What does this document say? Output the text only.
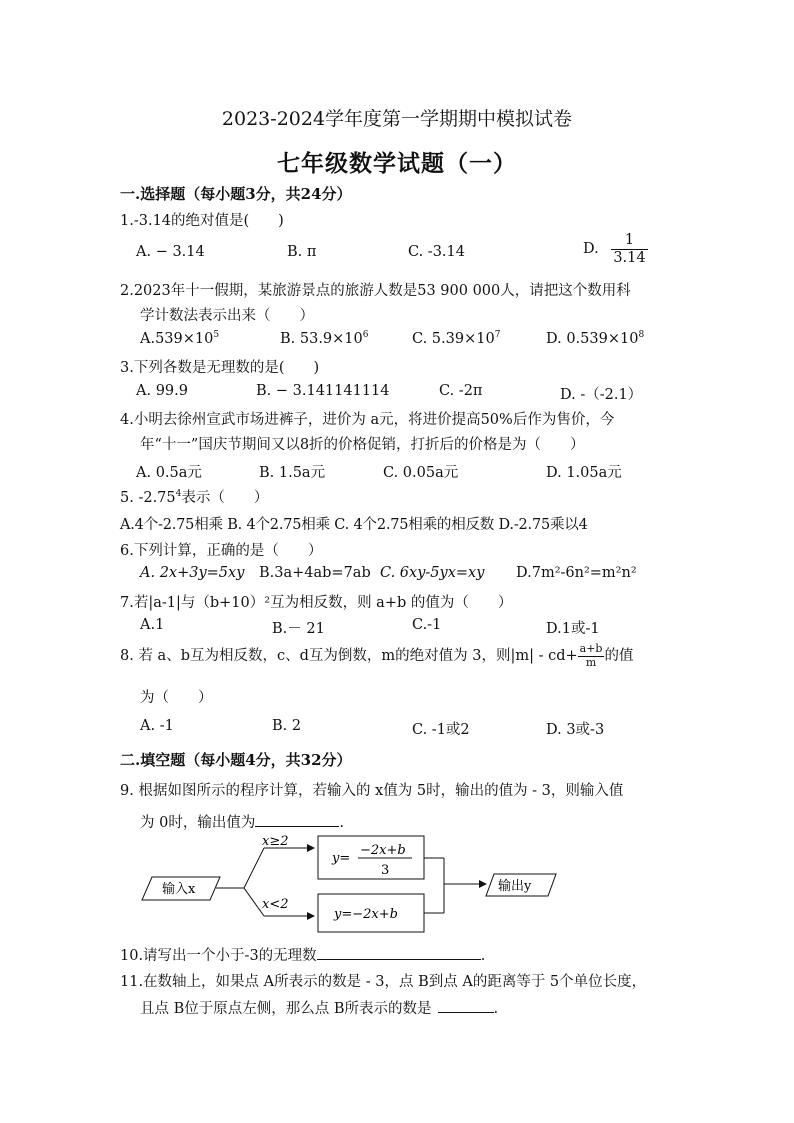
2023-2024学年度第一学期期中模拟试卷
七年级数学试题（一）
一.选择题（每小题3分，共24分）
1.-3.14的绝对值是(　　)
A. − 3.14	B. π	C. -3.14	D. $\frac{1}{3.14}$
2.2023年十一假期，某旅游景点的旅游人数是53 900 000人，请把这个数用科
学计数法表示出来（　　）
$A.539\times 10^5$	B. $53.9\times 10^6$	C. $5.39\times 10^7$	D. $0.539\times 10^8$
3.下列各数是无理数的是(　　)
A. 99.9	B. − 3.141141114	C. -2π	D. -（-2.1）
4.小明去徐州宣武市场进裤子，进价为 a元，将进价提高50%后作为售价，今
年“十一”国庆节期间又以8折的价格促销，打折后的价格是为（　　）
A. 0.5a元	B. 1.5a元	C. 0.05a元	D. 1.05a元
5. -2.75$^4$表示（　　）
A.4个-2.75相乘 B. 4个2.75相乘 C. 4个2.75相乘的相反数 D.-2.75乘以4
6.下列计算，正确的是（　　）
A. 2x+3y=5xy B.3a+4ab=7ab C. 6xy-5yx=xy D.7m²-6n²=m²n²
7.若|a-1|与（b+10）²互为相反数，则 a+b 的值为（　　）
A.1	B.－ 21	C.-1	D.1或-1
8. 若 a、b互为相反数，c、d互为倒数，m的绝对值为 3，则$|m| - cd+ \frac{a+b}{m}$ 的值
为（　　）
A. -1	B. 2	C. -1或2	D. 3或-3
二.填空题（每小题4分，共32分）
9. 根据如图所示的程序计算，若输入的 x值为 5时，输出的值为 - 3，则输入值
为 0时，输出值为	.
输入x
x≥2
x<2
y=
−2x+b
3
y=−2x+b
输出y
10.请写出一个小于-3的无理数	.
11.在数轴上，如果点 A所表示的数是 - 3，点 B到点 A的距离等于 5个单位长度，
且点 B位于原点左侧，那么点 B所表示的数是	.
